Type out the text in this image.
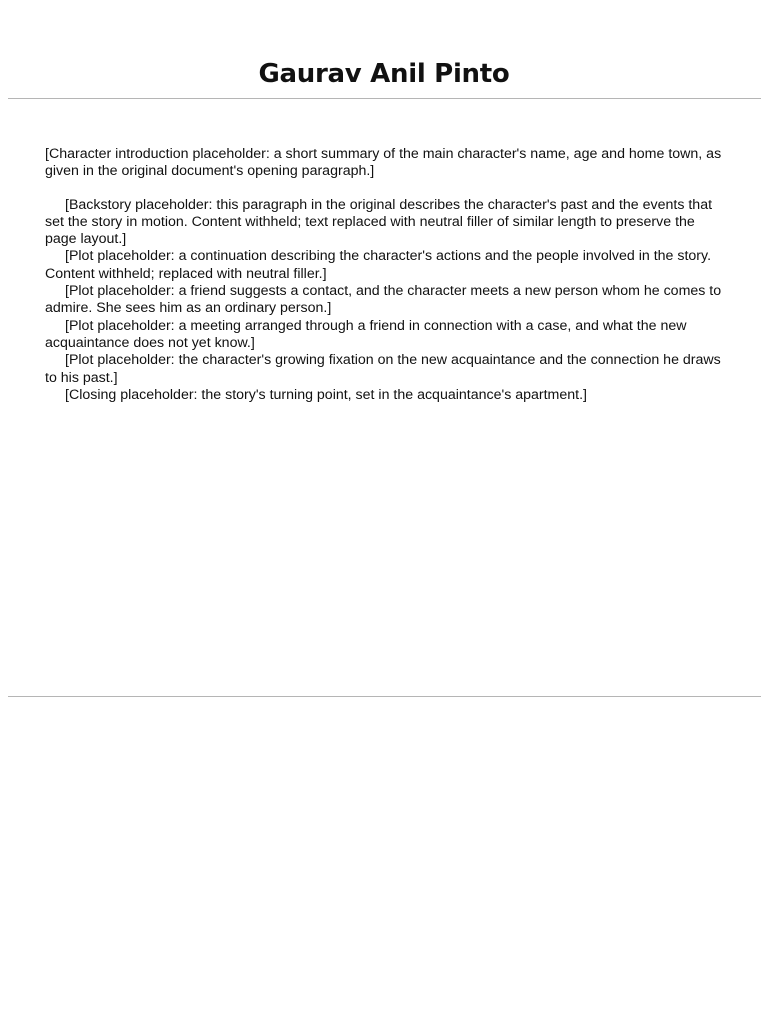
Gaurav Anil Pinto

[Character introduction placeholder: a short summary of the main character's name, age and home town, as given in the original document's opening paragraph.]

[Backstory placeholder: this paragraph in the original describes the character's past and the events that set the story in motion. Content withheld; text replaced with neutral filler of similar length to preserve the page layout.]

[Plot placeholder: a continuation describing the character's actions and the people involved in the story. Content withheld; replaced with neutral filler.]

[Plot placeholder: a friend suggests a contact, and the character meets a new person whom he comes to admire. She sees him as an ordinary person.]

[Plot placeholder: a meeting arranged through a friend in connection with a case, and what the new acquaintance does not yet know.]

[Plot placeholder: the character's growing fixation on the new acquaintance and the connection he draws to his past.]

[Closing placeholder: the story's turning point, set in the acquaintance's apartment.]
